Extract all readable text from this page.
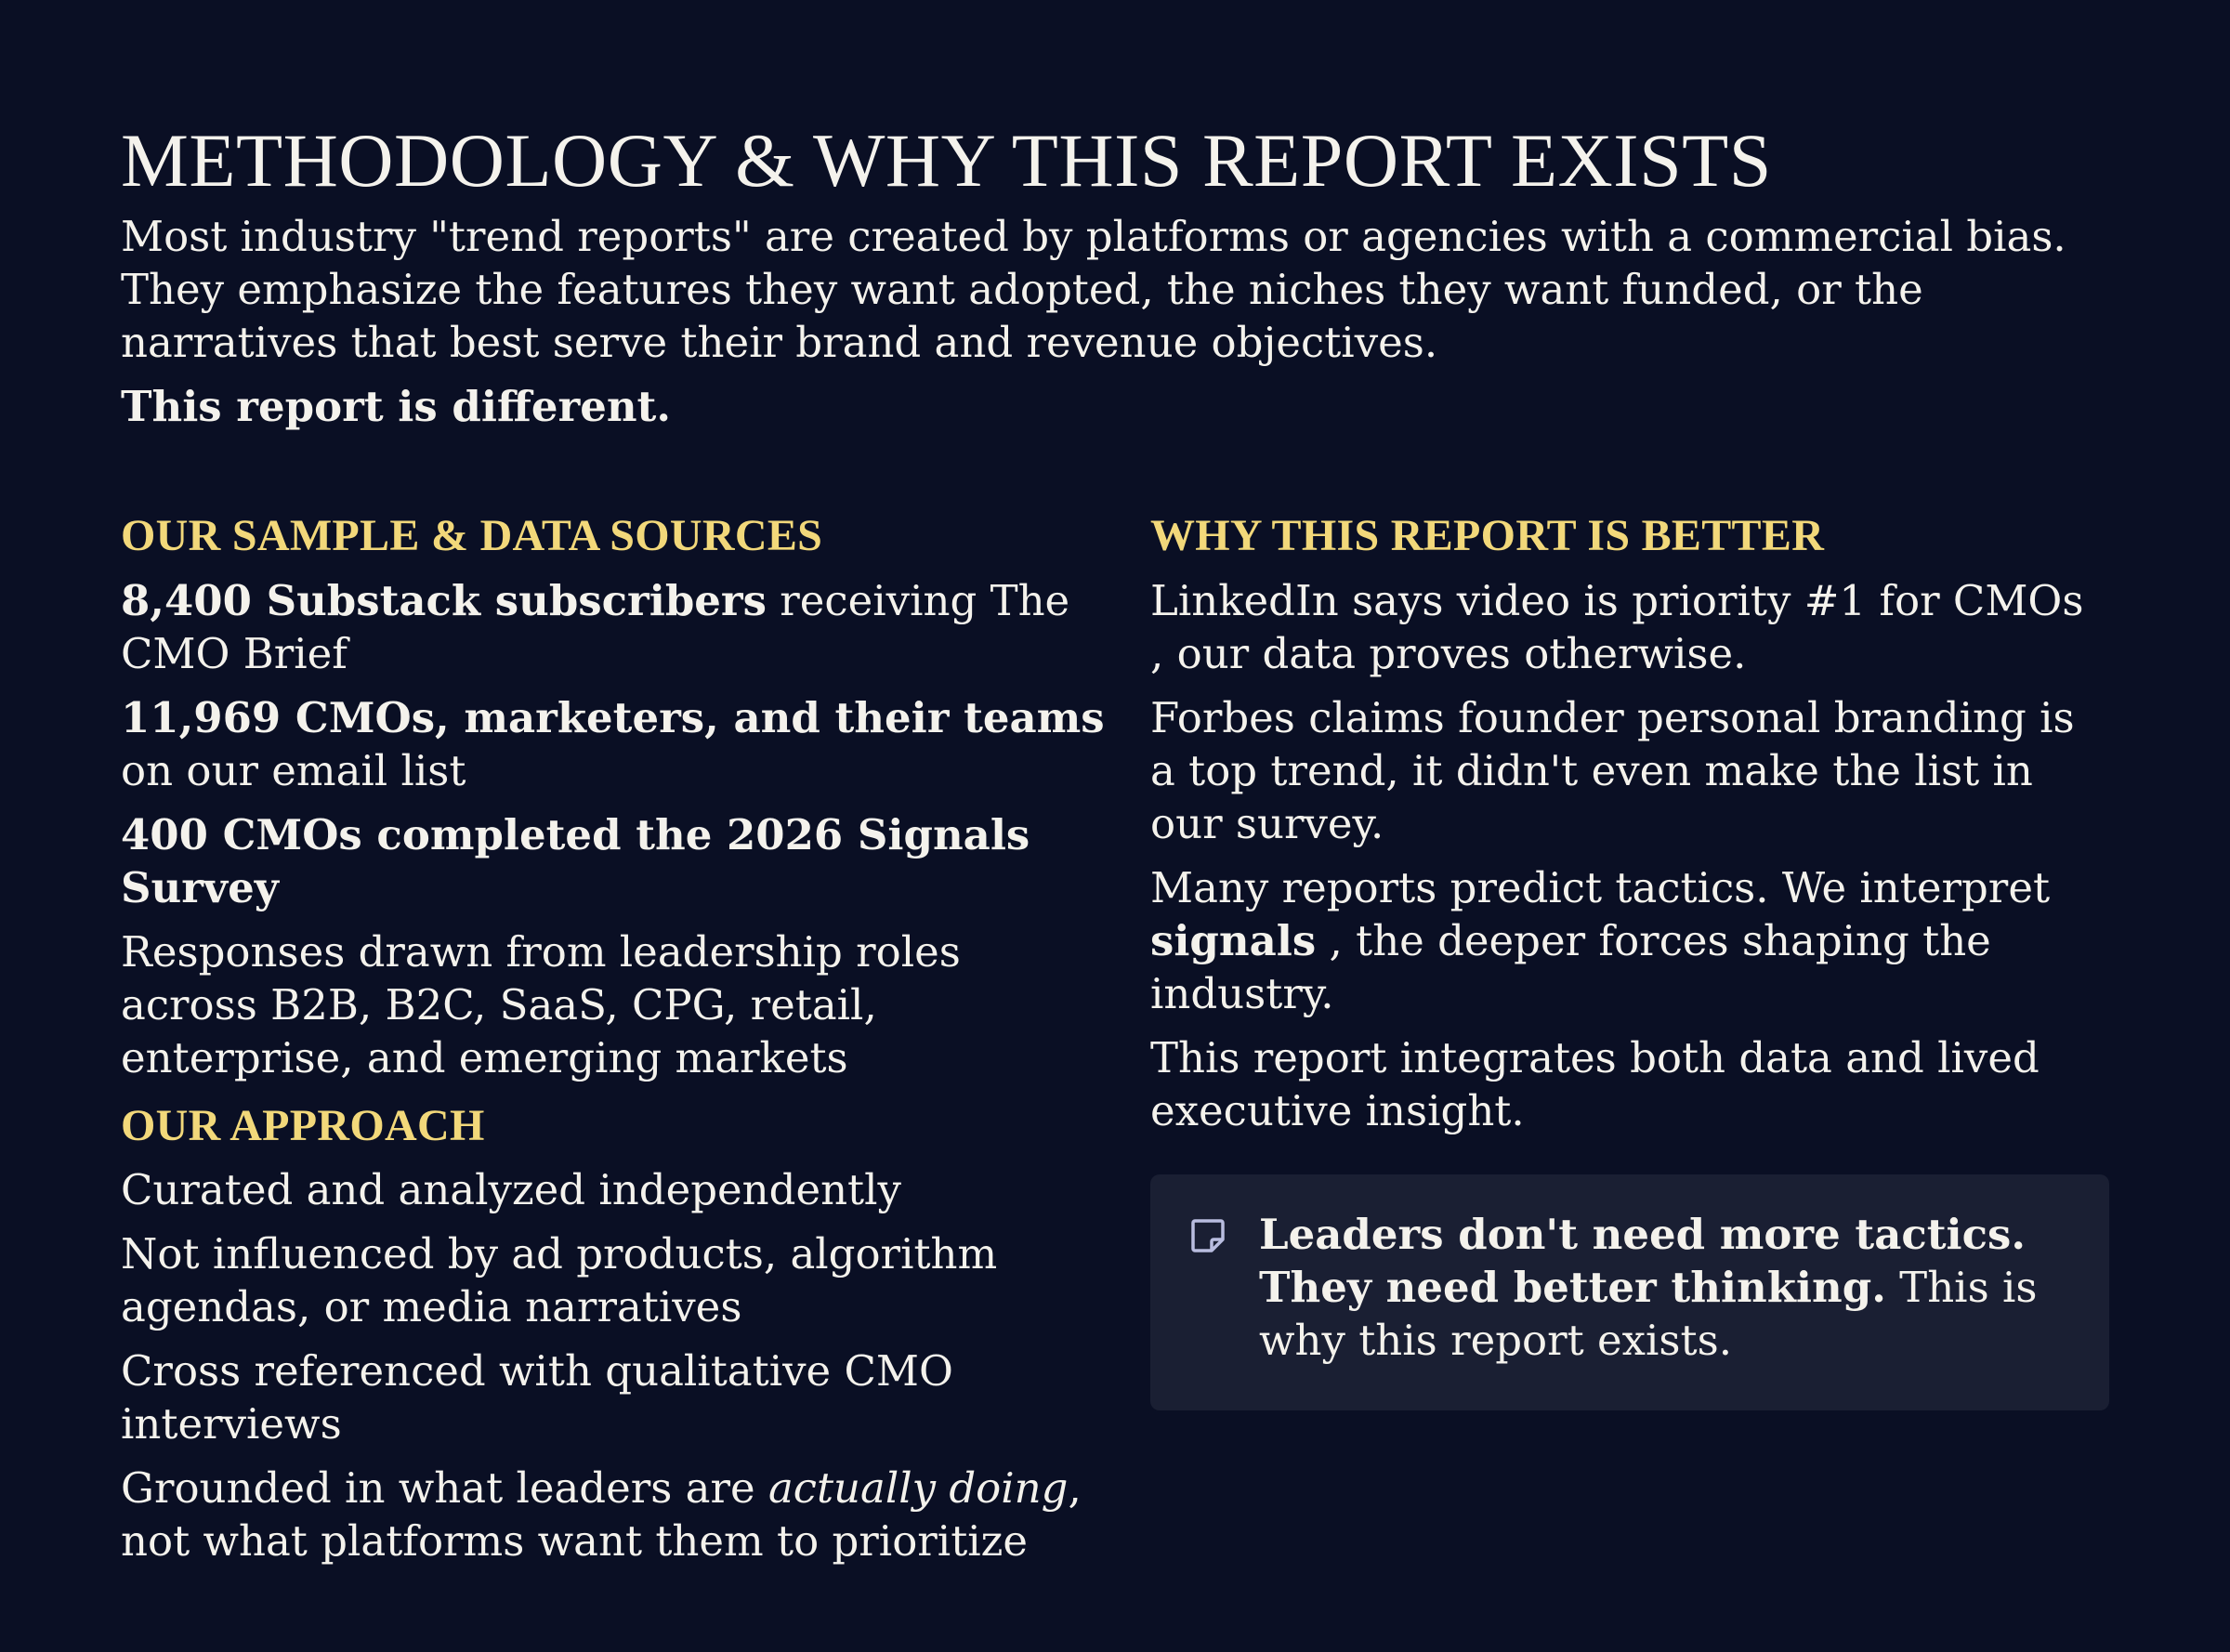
METHODOLOGY & WHY THIS REPORT EXISTS

Most industry "trend reports" are created by platforms or agencies with a commercial bias. They emphasize the features they want adopted, the niches they want funded, or the narratives that best serve their brand and revenue objectives.

This report is different.

OUR SAMPLE & DATA SOURCES

8,400 Substack subscribers receiving The CMO Brief

11,969 CMOs, marketers, and their teams on our email list

400 CMOs completed the 2026 Signals Survey

Responses drawn from leadership roles across B2B, B2C, SaaS, CPG, retail, enterprise, and emerging markets

OUR APPROACH

Curated and analyzed independently

Not influenced by ad products, algorithm agendas, or media narratives

Cross referenced with qualitative CMO interviews

Grounded in what leaders are actually doing, not what platforms want them to prioritize

WHY THIS REPORT IS BETTER

LinkedIn says video is priority #1 for CMOs , our data proves otherwise.

Forbes claims founder personal branding is a top trend, it didn't even make the list in our survey.

Many reports predict tactics. We interpret signals , the deeper forces shaping the industry.

This report integrates both data and lived executive insight.

Leaders don't need more tactics. They need better thinking. This is why this report exists.
